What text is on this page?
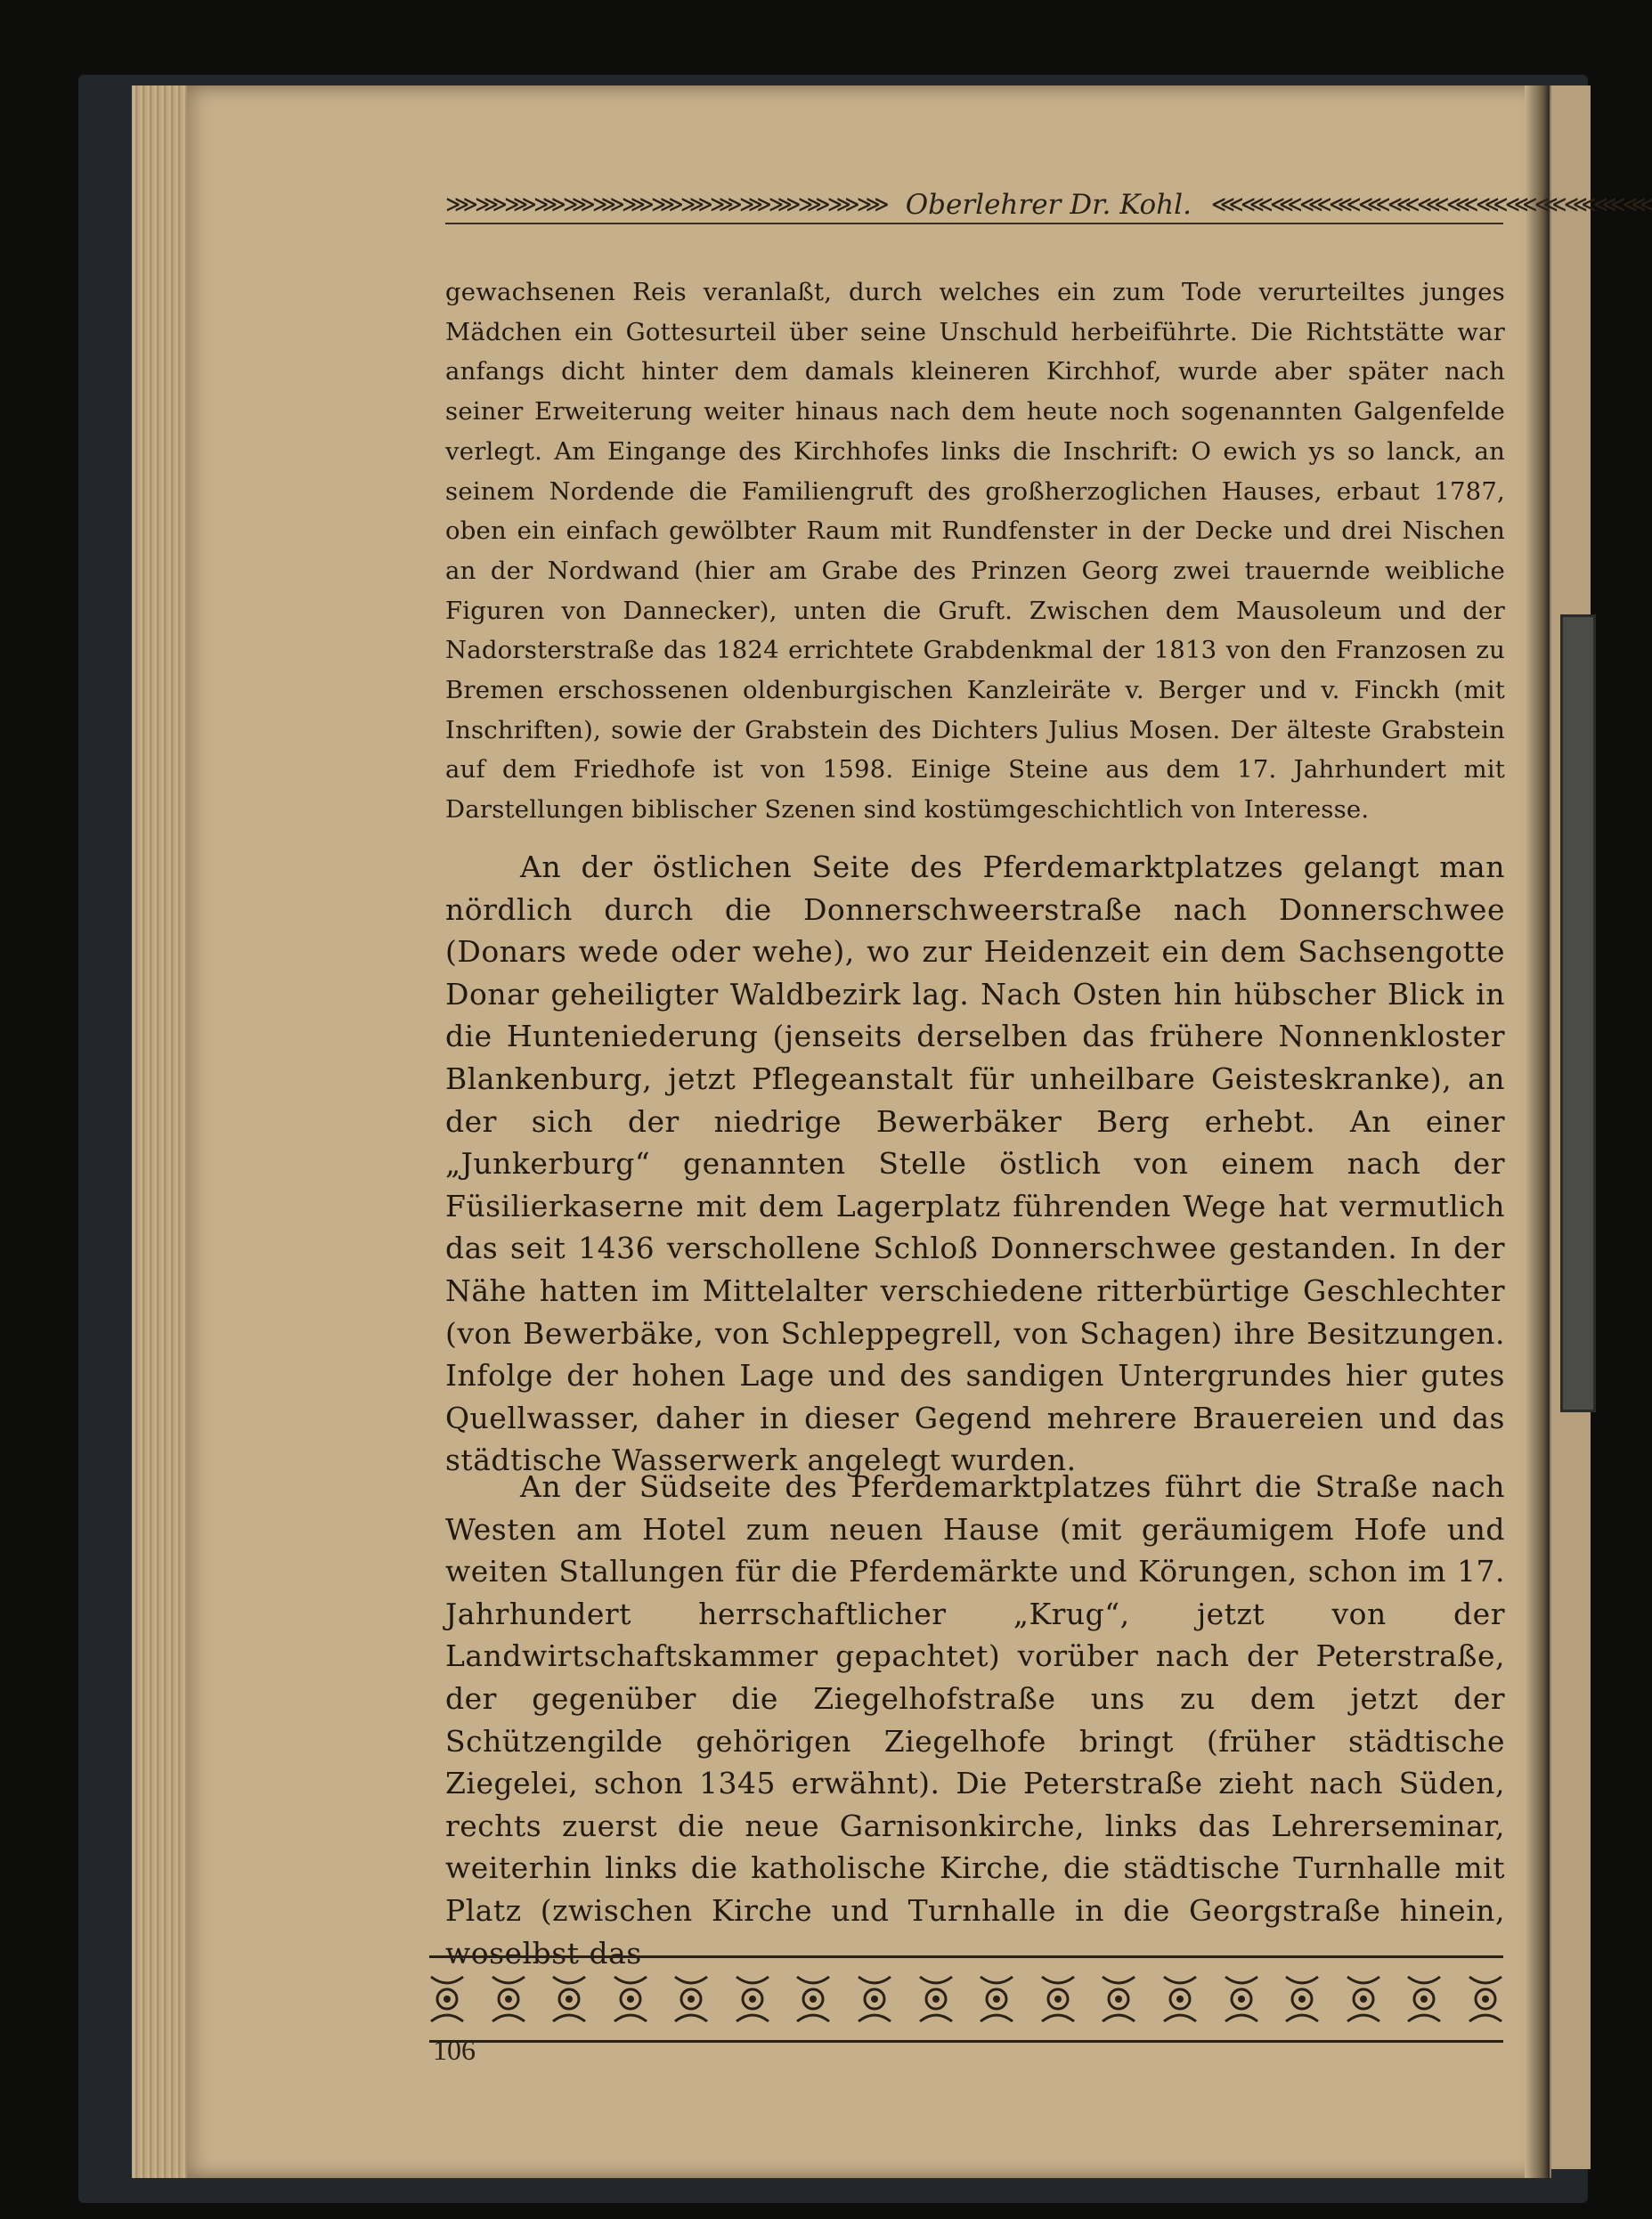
⋙⋙⋙⋙⋙⋙⋙⋙⋙⋙⋙⋙⋙⋙⋙ Oberlehrer Dr. Kohl. ⋘⋘⋘⋘⋘⋘⋘⋘⋘⋘⋘⋘⋘⋘⋘

gewachsenen Reis veranlaßt, durch welches ein zum Tode verurteiltes junges Mädchen ein Gottesurteil über seine Unschuld herbeiführte. Die Richtstätte war anfangs dicht hinter dem damals kleineren Kirchhof, wurde aber später nach seiner Erweiterung weiter hinaus nach dem heute noch sogenannten Galgenfelde verlegt. Am Eingange des Kirchhofes links die Inschrift: O ewich ys so lanck, an seinem Nordende die Familiengruft des großherzoglichen Hauses, erbaut 1787, oben ein einfach gewölbter Raum mit Rundfenster in der Decke und drei Nischen an der Nordwand (hier am Grabe des Prinzen Georg zwei trauernde weibliche Figuren von Dannecker), unten die Gruft. Zwischen dem Mausoleum und der Nadorsterstraße das 1824 errichtete Grabdenkmal der 1813 von den Franzosen zu Bremen erschossenen oldenburgischen Kanzleiräte v. Berger und v. Finckh (mit Inschriften), sowie der Grabstein des Dichters Julius Mosen. Der älteste Grabstein auf dem Friedhofe ist von 1598. Einige Steine aus dem 17. Jahrhundert mit Darstellungen biblischer Szenen sind kostümgeschichtlich von Interesse.

An der östlichen Seite des Pferdemarktplatzes gelangt man nördlich durch die Donnerschweerstraße nach Donnerschwee (Donars wede oder wehe), wo zur Heidenzeit ein dem Sachsengotte Donar geheiligter Waldbezirk lag. Nach Osten hin hübscher Blick in die Hunteniederung (jenseits derselben das frühere Nonnenkloster Blankenburg, jetzt Pflegeanstalt für unheilbare Geisteskranke), an der sich der niedrige Bewerbäker Berg erhebt. An einer „Junkerburg“ genannten Stelle östlich von einem nach der Füsilierkaserne mit dem Lagerplatz führenden Wege hat vermutlich das seit 1436 verschollene Schloß Donnerschwee gestanden. In der Nähe hatten im Mittelalter verschiedene ritterbürtige Geschlechter (von Bewerbäke, von Schleppegrell, von Schagen) ihre Besitzungen. Infolge der hohen Lage und des sandigen Untergrundes hier gutes Quellwasser, daher in dieser Gegend mehrere Brauereien und das städtische Wasserwerk angelegt wurden.

An der Südseite des Pferdemarktplatzes führt die Straße nach Westen am Hotel zum neuen Hause (mit geräumigem Hofe und weiten Stallungen für die Pferdemärkte und Körungen, schon im 17. Jahrhundert herrschaftlicher „Krug“, jetzt von der Landwirtschaftskammer gepachtet) vorüber nach der Peterstraße, der gegenüber die Ziegelhofstraße uns zu dem jetzt der Schützengilde gehörigen Ziegelhofe bringt (früher städtische Ziegelei, schon 1345 erwähnt). Die Peterstraße zieht nach Süden, rechts zuerst die neue Garnisonkirche, links das Lehrerseminar, weiterhin links die katholische Kirche, die städtische Turnhalle mit Platz (zwischen Kirche und Turnhalle in die Georgstraße hinein, woselbst das

106
